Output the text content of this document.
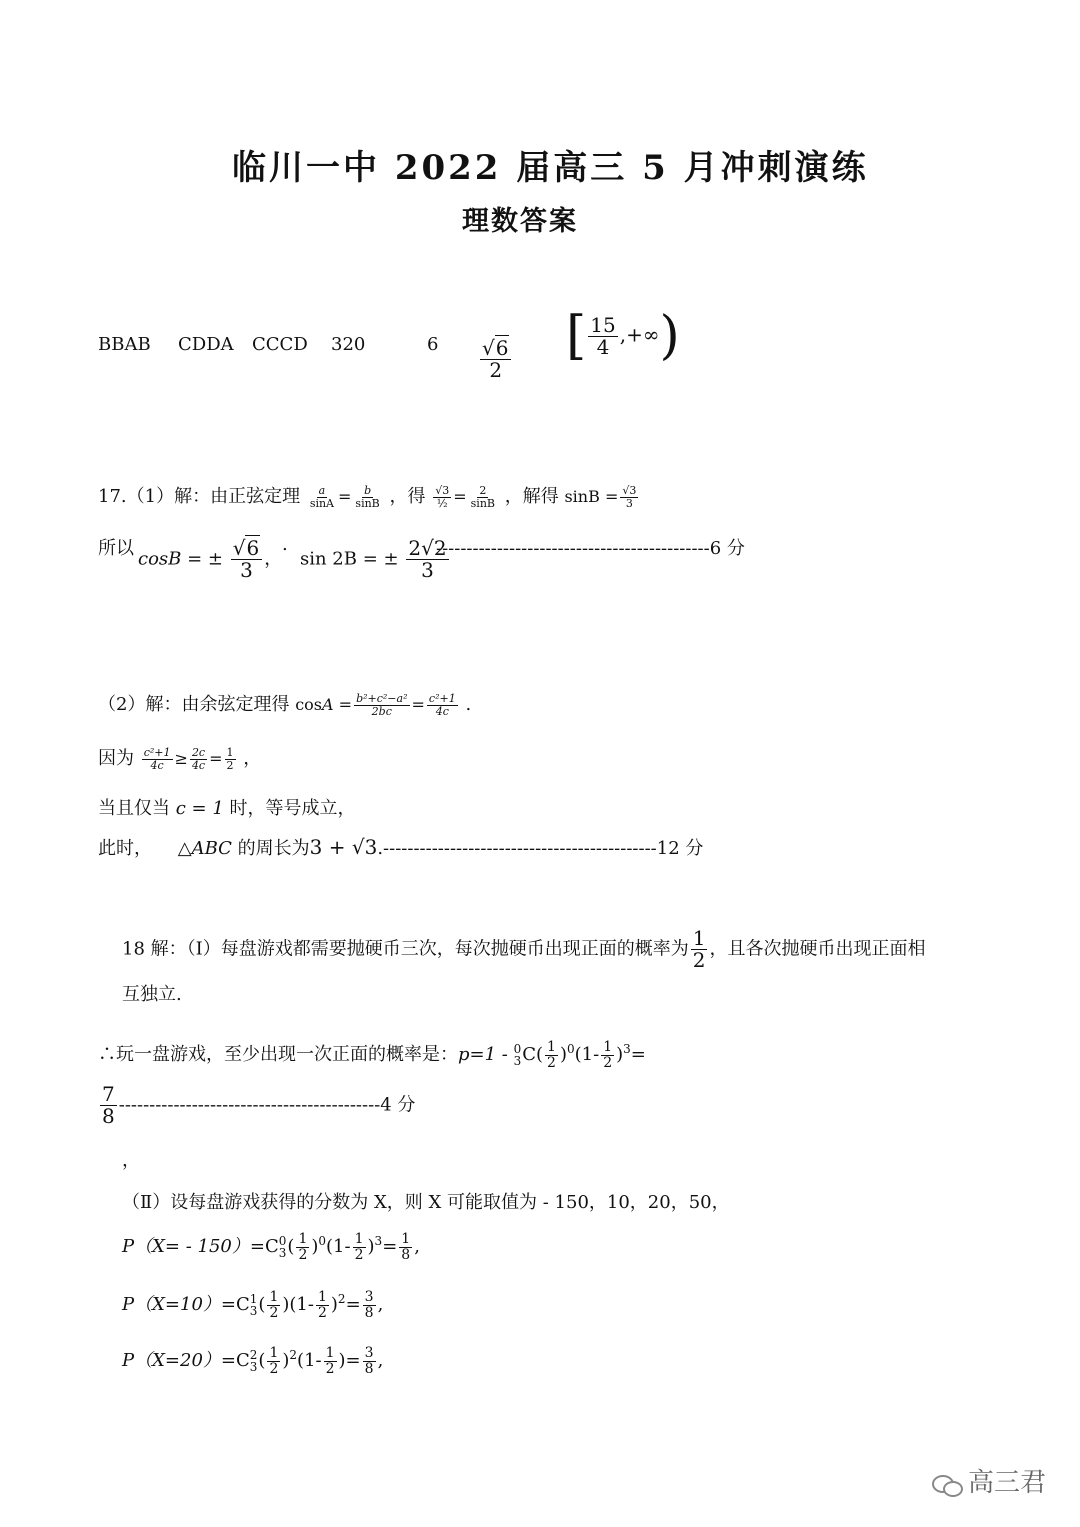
临川一中 2022 届高三 5 月冲刺演练
理数答案
BBAB CDDA CCCD 320	$6 \frac{√6}{2}$ [ $\frac{15}{4}$ ,+∞)
17.（1）解：由正弦定理 $\frac{a}{\sin A} = \frac{b}{\sin B}$ ，得 $\frac{√3}{\text{½}} = \frac{2}{\sin B}$ ，解得 $\sin B = \frac{√3}{3}$
所以 cosB = ± $\frac{√6}{3}$ ，
.
sin 2B = ± $\frac{2√2}{3}$
---------------------------------------------6 分
（2）解：由余弦定理得 $\cos A = \frac{\text{b²+c²−a²}}{2bc} = \frac{\text{c²+1}}{4c}$ .
因为 $\frac{\text{c²+1}}{4c} \ge \frac{2c}{4c} = \frac{1}{2}$ ，
当且仅当 c = 1 时，等号成立，
此时， △ABC 的周长为3 + √3.---------------------------------------------12 分
18 解：（Ⅰ）每盘游戏都需要抛硬币三次，每次抛硬币出现正面的概率为 $\frac{1}{2}$ ，且各次抛硬币出现正面相
互独立.
∴玩一盘游戏，至少出现一次正面的概率是：p=1 - 0
3 $C( \frac{1}{2} )^0(1- \frac{1}{2} )^3=$
$\frac{7}{8} -------------------------------------------4$ 分
，
（Ⅱ）设每盘游戏获得的分数为 X，则 X 可能取值为 - 150，10，20，50，
P（X= - 150）=C 0
3 ( $\frac{1}{2} )^0(1- \frac{1}{2} )^3= \frac{1}{8}$ ,
P（X=10）=C 1
3 ( $\frac{1}{2} )(1- \frac{1}{2} )^2= \frac{3}{8}$ ,
P（X=20）=C 2
3 ( $\frac{1}{2} )^2(1- \frac{1}{2}$ )= $\frac{3}{8}$ ,
高三君
